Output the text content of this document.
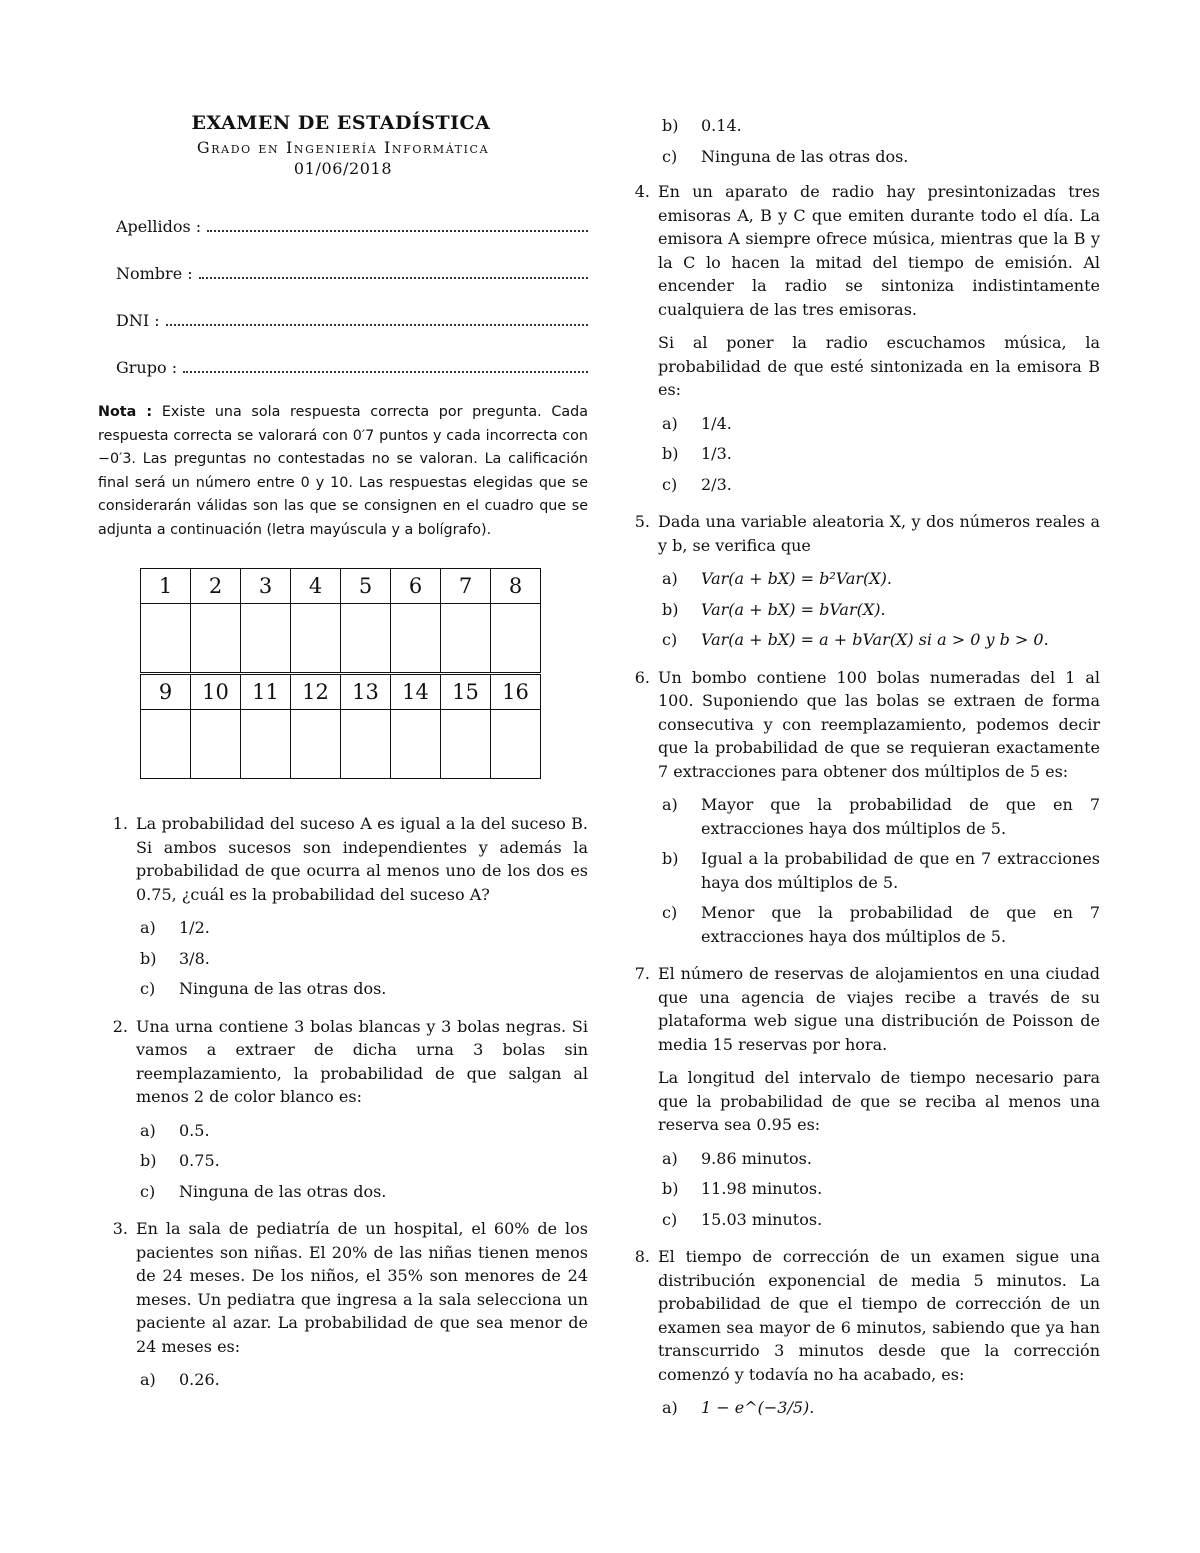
EXAMEN DE ESTADÍSTICA
Grado en Ingeniería Informática
01/06/2018
Apellidos :
Nombre :
DNI :
Grupo :
Nota : Existe una sola respuesta correcta por pregunta. Cada respuesta correcta se valorará con 0′7 puntos y cada incorrecta con −0′3. Las preguntas no contestadas no se valoran. La calificación final será un número entre 0 y 10. Las respuestas elegidas que se considerarán válidas son las que se consignen en el cuadro que se adjunta a continuación (letra mayúscula y a bolígrafo).
1	2	3	4	5	6	7	8

9	10	11	12	13	14	15	16

1. La probabilidad del suceso A es igual a la del suceso B. Si ambos sucesos son independientes y además la probabilidad de que ocurra al menos uno de los dos es 0.75, ¿cuál es la probabilidad del suceso A?
a) 1/2.
b) 3/8.
c) Ninguna de las otras dos.
2. Una urna contiene 3 bolas blancas y 3 bolas negras. Si vamos a extraer de dicha urna 3 bolas sin reemplazamiento, la probabilidad de que salgan al menos 2 de color blanco es:
a) 0.5.
b) 0.75.
c) Ninguna de las otras dos.
3. En la sala de pediatría de un hospital, el 60% de los pacientes son niñas. El 20% de las niñas tienen menos de 24 meses. De los niños, el 35% son menores de 24 meses. Un pediatra que ingresa a la sala selecciona un paciente al azar. La probabilidad de que sea menor de 24 meses es:
a) 0.26.
b) 0.14.
c) Ninguna de las otras dos.
4. En un aparato de radio hay presintonizadas tres emisoras A, B y C que emiten durante todo el día. La emisora A siempre ofrece música, mientras que la B y la C lo hacen la mitad del tiempo de emisión. Al encender la radio se sintoniza indistintamente cualquiera de las tres emisoras.
Si al poner la radio escuchamos música, la probabilidad de que esté sintonizada en la emisora B es:
a) 1/4.
b) 1/3.
c) 2/3.
5. Dada una variable aleatoria X, y dos números reales a y b, se verifica que
a) Var(a + bX) = b²Var(X).
b) Var(a + bX) = bVar(X).
c) Var(a + bX) = a + bVar(X) si a > 0 y b > 0.
6. Un bombo contiene 100 bolas numeradas del 1 al 100. Suponiendo que las bolas se extraen de forma consecutiva y con reemplazamiento, podemos decir que la probabilidad de que se requieran exactamente 7 extracciones para obtener dos múltiplos de 5 es:
a) Mayor que la probabilidad de que en 7 extracciones haya dos múltiplos de 5.
b) Igual a la probabilidad de que en 7 extracciones haya dos múltiplos de 5.
c) Menor que la probabilidad de que en 7 extracciones haya dos múltiplos de 5.
7. El número de reservas de alojamientos en una ciudad que una agencia de viajes recibe a través de su plataforma web sigue una distribución de Poisson de media 15 reservas por hora.
La longitud del intervalo de tiempo necesario para que la probabilidad de que se reciba al menos una reserva sea 0.95 es:
a) 9.86 minutos.
b) 11.98 minutos.
c) 15.03 minutos.
8. El tiempo de corrección de un examen sigue una distribución exponencial de media 5 minutos. La probabilidad de que el tiempo de corrección de un examen sea mayor de 6 minutos, sabiendo que ya han transcurrido 3 minutos desde que la corrección comenzó y todavía no ha acabado, es:
a) 1 − e^(−3/5).
